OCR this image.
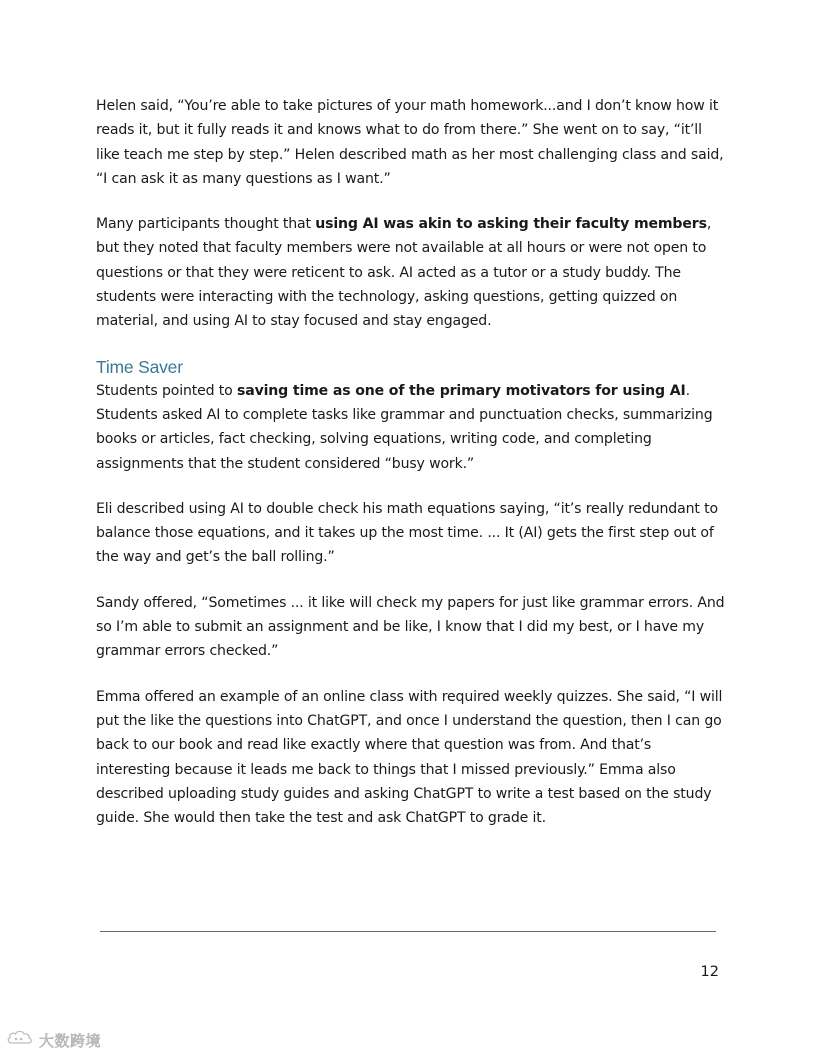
Helen said, “You’re able to take pictures of your math homework...and I don’t know how it reads it, but it fully reads it and knows what to do from there.” She went on to say, “it’ll like teach me step by step.” Helen described math as her most challenging class and said, “I can ask it as many questions as I want.”

Many participants thought that using AI was akin to asking their faculty members, but they noted that faculty members were not available at all hours or were not open to questions or that they were reticent to ask. AI acted as a tutor or a study buddy. The students were interacting with the technology, asking questions, getting quizzed on material, and using AI to stay focused and stay engaged.

Time Saver

Students pointed to saving time as one of the primary motivators for using AI. Students asked AI to complete tasks like grammar and punctuation checks, summarizing books or articles, fact checking, solving equations, writing code, and completing assignments that the student considered “busy work.”

Eli described using AI to double check his math equations saying, “it’s really redundant to balance those equations, and it takes up the most time. ... It (AI) gets the first step out of the way and get’s the ball rolling.”

Sandy offered, “Sometimes ... it like will check my papers for just like grammar errors. And so I’m able to submit an assignment and be like, I know that I did my best, or I have my grammar errors checked.”

Emma offered an example of an online class with required weekly quizzes. She said, “I will put the like the questions into ChatGPT, and once I understand the question, then I can go back to our book and read like exactly where that question was from. And that’s interesting because it leads me back to things that I missed previously.” Emma also described uploading study guides and asking ChatGPT to write a test based on the study guide. She would then take the test and ask ChatGPT to grade it.

12
大数跨境
